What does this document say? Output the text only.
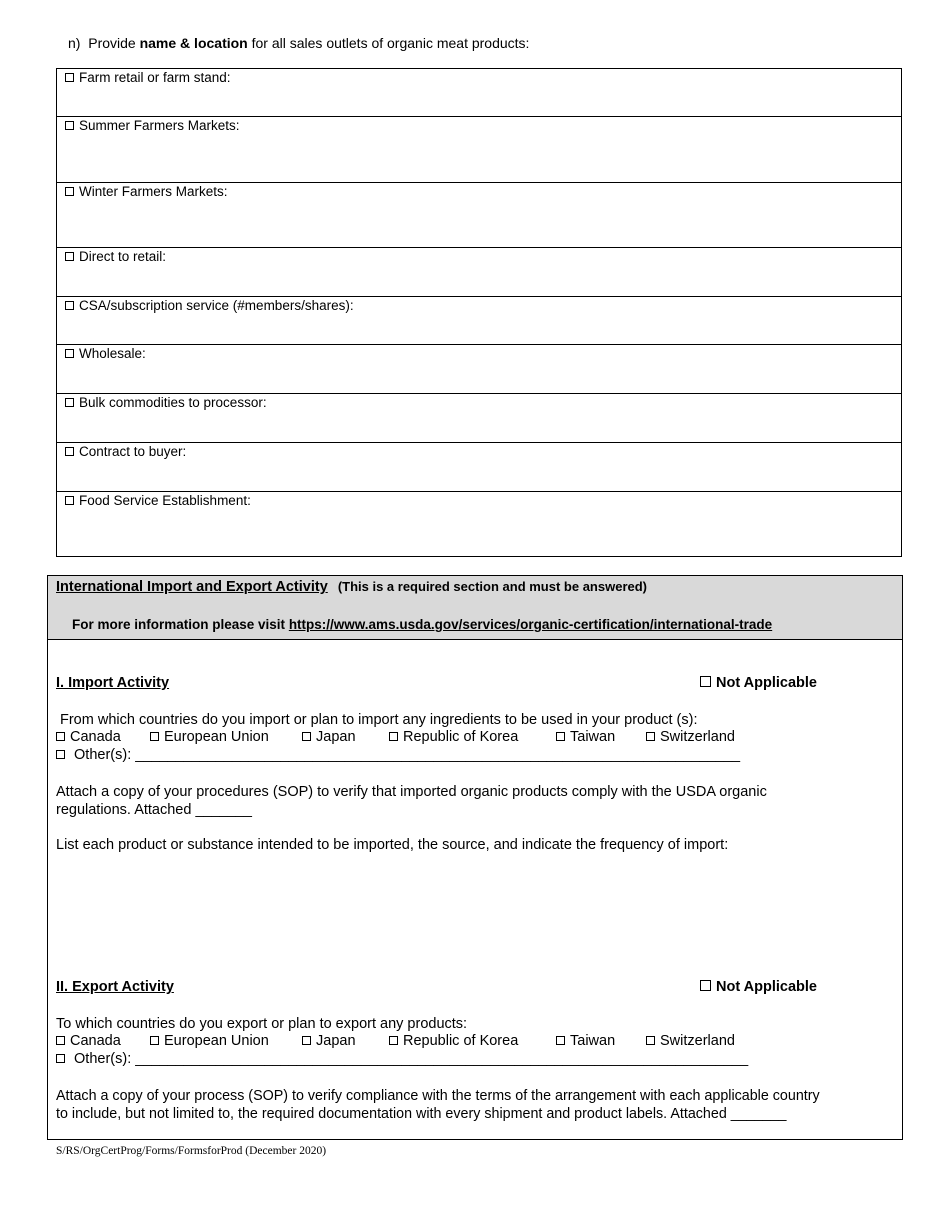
n) Provide name & location for all sales outlets of organic meat products:
Farm retail or farm stand:
Summer Farmers Markets:
Winter Farmers Markets:
Direct to retail:
CSA/subscription service (#members/shares):
Wholesale:
Bulk commodities to processor:
Contract to buyer:
Food Service Establishment:
International Import and Export Activity (This is a required section and must be answered)
For more information please visit https://www.ams.usda.gov/services/organic-certification/international-trade
I. Import Activity	Not Applicable
From which countries do you import or plan to import any ingredients to be used in your product (s):
Canada	European Union	Japan	Republic of Korea	Taiwan	Switzerland
Other(s): ___________________________________________________________________________
Attach a copy of your procedures (SOP) to verify that imported organic products comply with the USDA organic
regulations. Attached _______
List each product or substance intended to be imported, the source, and indicate the frequency of import:
II. Export Activity	Not Applicable
To which countries do you export or plan to export any products:
Canada	European Union	Japan	Republic of Korea	Taiwan	Switzerland
Other(s): ____________________________________________________________________________
Attach a copy of your process (SOP) to verify compliance with the terms of the arrangement with each applicable country
to include, but not limited to, the required documentation with every shipment and product labels. Attached _______
S/RS/OrgCertProg/Forms/FormsforProd (December 2020)
